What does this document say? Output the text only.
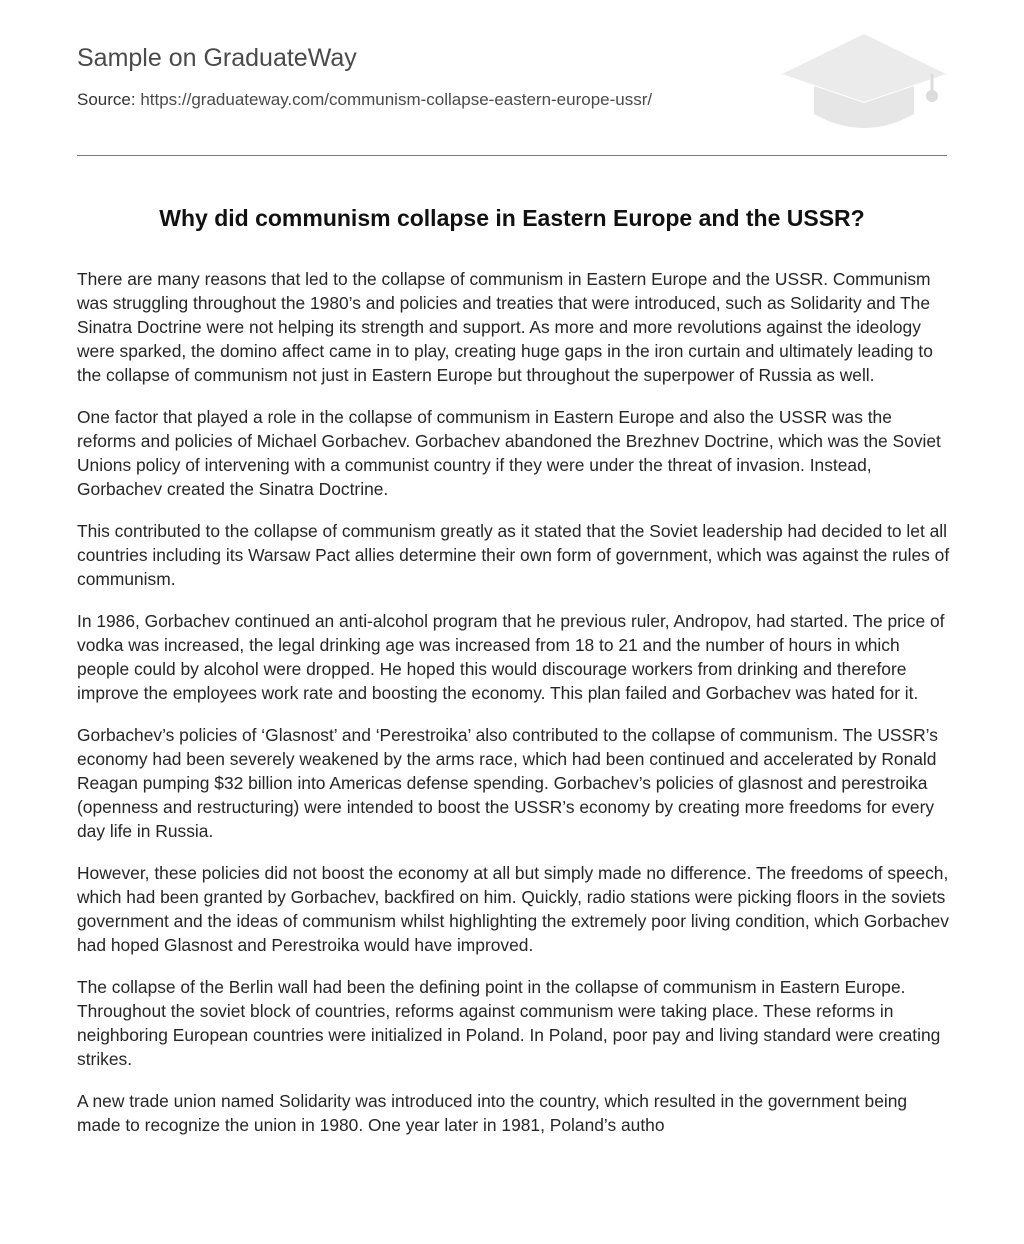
Sample on GraduateWay
Source: https://graduateway.com/communism-collapse-eastern-europe-ussr/
Why did communism collapse in Eastern Europe and the USSR?

There are many reasons that led to the collapse of communism in Eastern Europe and the USSR. Communism was struggling throughout the 1980’s and policies and treaties that were introduced, such as Solidarity and The Sinatra Doctrine were not helping its strength and support. As more and more revolutions against the ideology were sparked, the domino affect came in to play, creating huge gaps in the iron curtain and ultimately leading to the collapse of communism not just in Eastern Europe but throughout the superpower of Russia as well.

One factor that played a role in the collapse of communism in Eastern Europe and also the USSR was the reforms and policies of Michael Gorbachev. Gorbachev abandoned the Brezhnev Doctrine, which was the Soviet Unions policy of intervening with a communist country if they were under the threat of invasion. Instead, Gorbachev created the Sinatra Doctrine.

This contributed to the collapse of communism greatly as it stated that the Soviet leadership had decided to let all countries including its Warsaw Pact allies determine their own form of government, which was against the rules of communism.

In 1986, Gorbachev continued an anti-alcohol program that he previous ruler, Andropov, had started. The price of vodka was increased, the legal drinking age was increased from 18 to 21 and the number of hours in which people could by alcohol were dropped. He hoped this would discourage workers from drinking and therefore improve the employees work rate and boosting the economy. This plan failed and Gorbachev was hated for it.

Gorbachev’s policies of ‘Glasnost’ and ‘Perestroika’ also contributed to the collapse of communism. The USSR’s economy had been severely weakened by the arms race, which had been continued and accelerated by Ronald Reagan pumping $32 billion into Americas defense spending. Gorbachev’s policies of glasnost and perestroika (openness and restructuring) were intended to boost the USSR’s economy by creating more freedoms for every day life in Russia.

However, these policies did not boost the economy at all but simply made no difference. The freedoms of speech, which had been granted by Gorbachev, backfired on him. Quickly, radio stations were picking floors in the soviets government and the ideas of communism whilst highlighting the extremely poor living condition, which Gorbachev had hoped Glasnost and Perestroika would have improved.

The collapse of the Berlin wall had been the defining point in the collapse of communism in Eastern Europe. Throughout the soviet block of countries, reforms against communism were taking place. These reforms in neighboring European countries were initialized in Poland. In Poland, poor pay and living standard were creating strikes.

A new trade union named Solidarity was introduced into the country, which resulted in the government being made to recognize the union in 1980. One year later in 1981, Poland’s autho
